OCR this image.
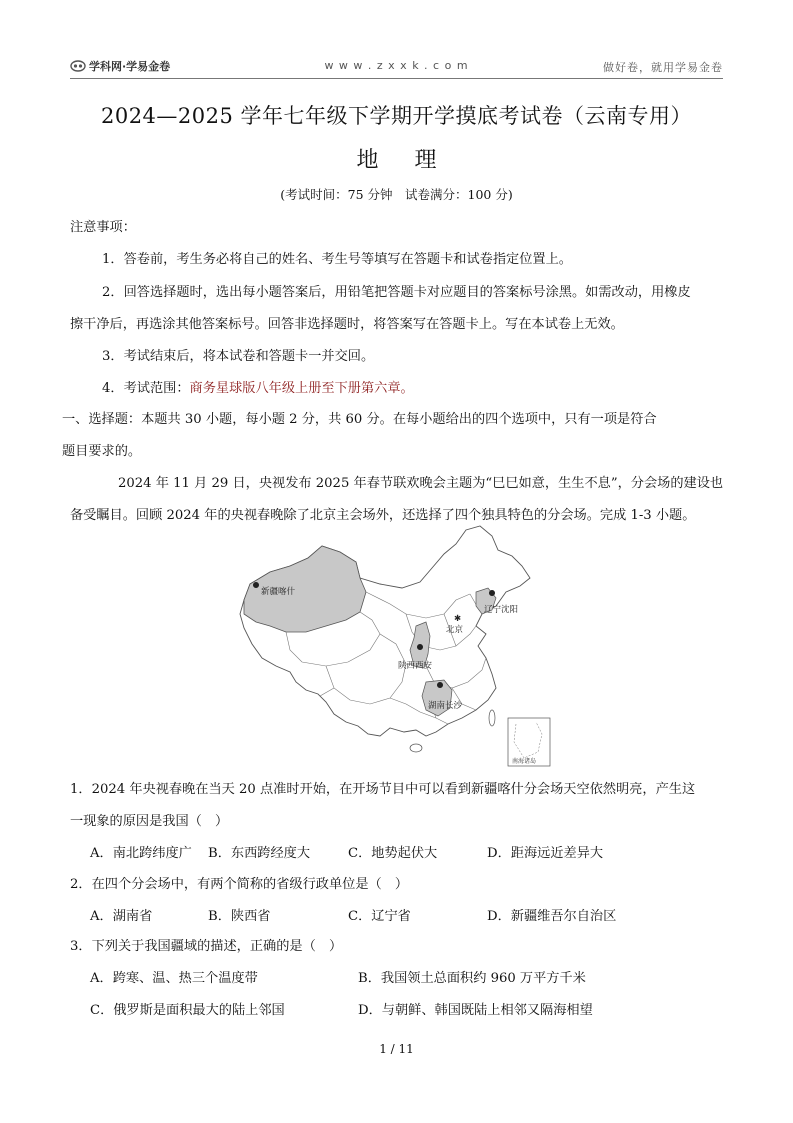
学科网·学易金卷	w w w . z x x k . c o m	做好卷，就用学易金卷
2024—2025 学年七年级下学期开学摸底考试卷（云南专用）
地 理
(考试时间：75 分钟　试卷满分：100 分)
注意事项：
1．答卷前，考生务必将自己的姓名、考生号等填写在答题卡和试卷指定位置上。
2．回答选择题时，选出每小题答案后，用铅笔把答题卡对应题目的答案标号涂黑。如需改动，用橡皮
擦干净后，再选涂其他答案标号。回答非选择题时，将答案写在答题卡上。写在本试卷上无效。
3．考试结束后，将本试卷和答题卡一并交回。
4．考试范围：商务星球版八年级上册至下册第六章。
一、选择题：本题共 30 小题，每小题 2 分，共 60 分。在每小题给出的四个选项中，只有一项是符合
题目要求的。
2024 年 11 月 29 日，央视发布 2025 年春节联欢晚会主题为“巳巳如意，生生不息”，分会场的建设也
备受瞩目。回顾 2024 年的央视春晚除了北京主会场外，还选择了四个独具特色的分会场。完成 1-3 小题。
南海诸岛
新疆喀什
✱
北京
辽宁沈阳
陕西西安
湖南长沙
1．2024 年央视春晚在当天 20 点准时开始，在开场节目中可以看到新疆喀什分会场天空依然明亮，产生这
一现象的原因是我国（　）
A．南北跨纬度广 B．东西跨经度大	C．地势起伏大	D．距海远近差异大
2．在四个分会场中，有两个简称的省级行政单位是（　）
A．湖南省	B．陕西省	C．辽宁省	D．新疆维吾尔自治区
3．下列关于我国疆域的描述，正确的是（　）
A．跨寒、温、热三个温度带	B．我国领土总面积约 960 万平方千米
C．俄罗斯是面积最大的陆上邻国	D．与朝鲜、韩国既陆上相邻又隔海相望
1 / 11
